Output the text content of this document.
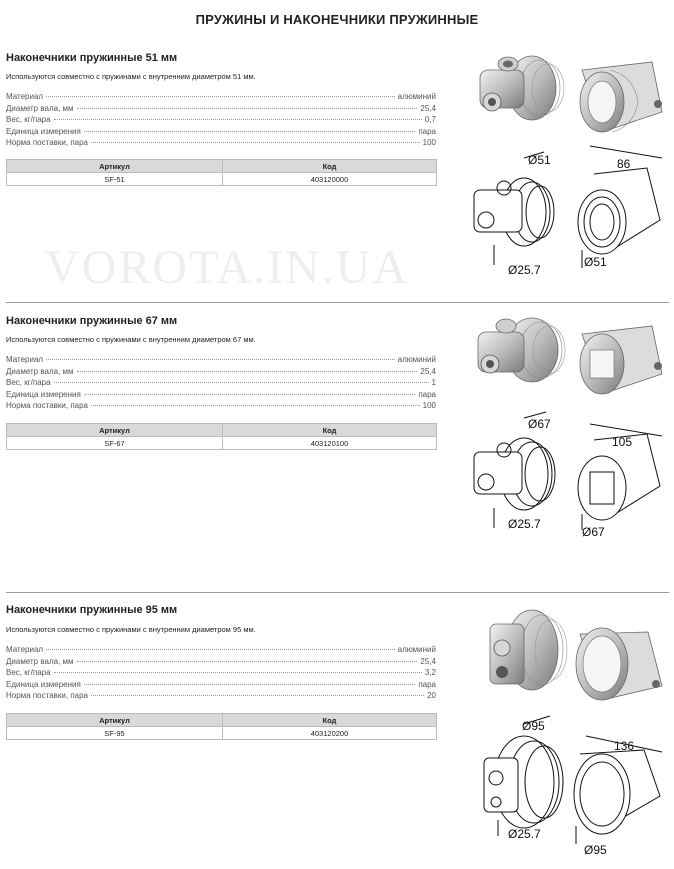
ПРУЖИНЫ И НАКОНЕЧНИКИ ПРУЖИННЫЕ
VOROTA.IN.UA
Наконечники пружинные 51 мм
Используются совместно с пружинами с внутренним диаметром 51 мм.
Материал	алюминий
Диаметр вала, мм	25,4
Вес, кг/пара	0,7
Единица измерения	пара
Норма поставки, пара	100
Артикул	Код
SF-51	403120000
Наконечники пружинные 67 мм
Используются совместно с пружинами с внутренним диаметром 67 мм.
Материал	алюминий
Диаметр вала, мм	25,4
Вес, кг/пара	1
Единица измерения	пара
Норма поставки, пара	100
Артикул	Код
SF-67	403120100
Наконечники пружинные 95 мм
Используются совместно с пружинами с внутренним диаметром 95 мм.
Материал	алюминий
Диаметр вала, мм	25,4
Вес, кг/пара	3,2
Единица измерения	пара
Норма поставки, пара	20
Артикул	Код
SF-95	403120200
Ø51
Ø25.7
86
Ø51
Ø67
Ø25.7
105
Ø67
Ø95
Ø25.7
136
Ø95
